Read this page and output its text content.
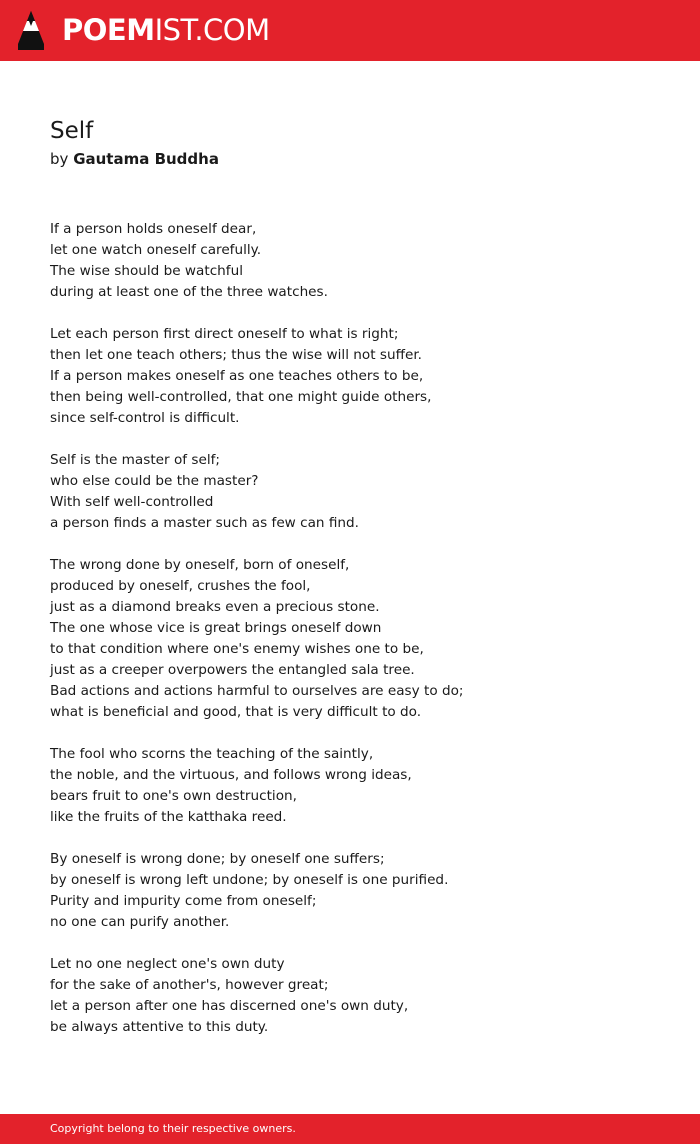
POEMIST.COM
Self
by Gautama Buddha
If a person holds oneself dear,
let one watch oneself carefully.
The wise should be watchful
during at least one of the three watches.
Let each person first direct oneself to what is right;
then let one teach others; thus the wise will not suffer.
If a person makes oneself as one teaches others to be,
then being well-controlled, that one might guide others,
since self-control is difficult.
Self is the master of self;
who else could be the master?
With self well-controlled
a person finds a master such as few can find.
The wrong done by oneself, born of oneself,
produced by oneself, crushes the fool,
just as a diamond breaks even a precious stone.
The one whose vice is great brings oneself down
to that condition where one's enemy wishes one to be,
just as a creeper overpowers the entangled sala tree.
Bad actions and actions harmful to ourselves are easy to do;
what is beneficial and good, that is very difficult to do.
The fool who scorns the teaching of the saintly,
the noble, and the virtuous, and follows wrong ideas,
bears fruit to one's own destruction,
like the fruits of the katthaka reed.
By oneself is wrong done; by oneself one suffers;
by oneself is wrong left undone; by oneself is one purified.
Purity and impurity come from oneself;
no one can purify another.
Let no one neglect one's own duty
for the sake of another's, however great;
let a person after one has discerned one's own duty,
be always attentive to this duty.
Copyright belong to their respective owners.
